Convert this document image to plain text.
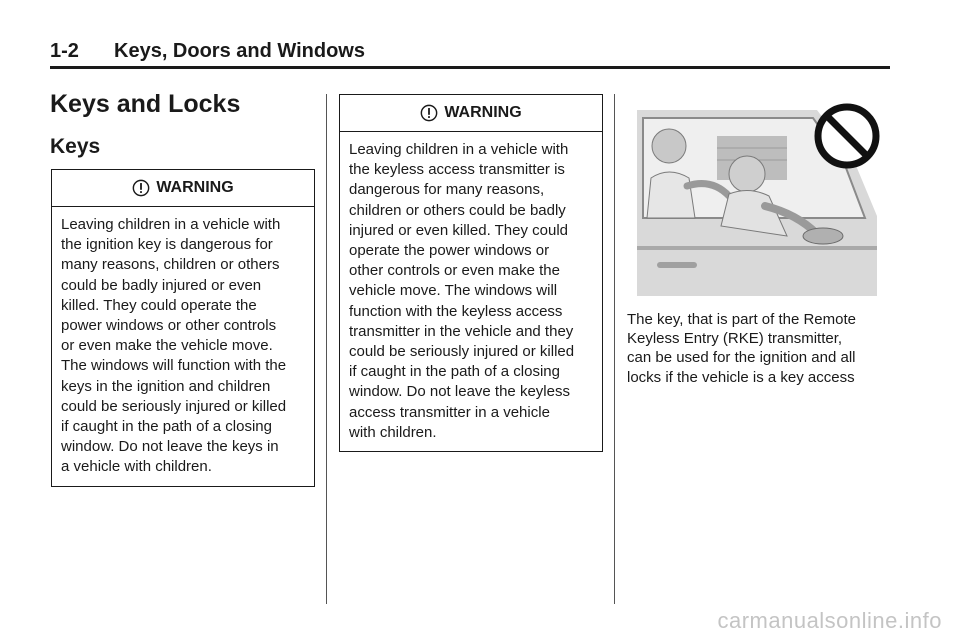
1-2 Keys, Doors and Windows
Keys and Locks
Keys
WARNING
Leaving children in a vehicle with
the ignition key is dangerous for
many reasons, children or others
could be badly injured or even
killed. They could operate the
power windows or other controls
or even make the vehicle move.
The windows will function with the
keys in the ignition and children
could be seriously injured or killed
if caught in the path of a closing
window. Do not leave the keys in
a vehicle with children.
WARNING
Leaving children in a vehicle with
the keyless access transmitter is
dangerous for many reasons,
children or others could be badly
injured or even killed. They could
operate the power windows or
other controls or even make the
vehicle move. The windows will
function with the keyless access
transmitter in the vehicle and they
could be seriously injured or killed
if caught in the path of a closing
window. Do not leave the keyless
access transmitter in a vehicle
with children.
The key, that is part of the Remote
Keyless Entry (RKE) transmitter,
can be used for the ignition and all
locks if the vehicle is a key access
carmanualsonline.info
